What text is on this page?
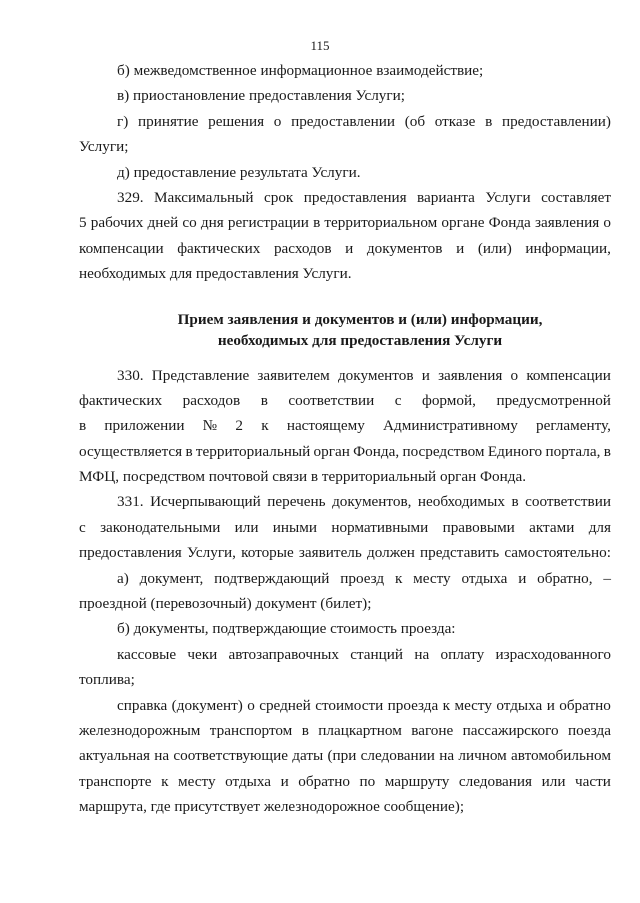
115
б) межведомственное информационное взаимодействие;
в) приостановление предоставления Услуги;
г) принятие решения о предоставлении (об отказе в предоставлении)
Услуги;
д) предоставление результата Услуги.
329. Максимальный срок предоставления варианта Услуги составляет
5 рабочих дней со дня регистрации в территориальном органе Фонда заявления о
компенсации фактических расходов и документов и (или) информации,
необходимых для предоставления Услуги.
Прием заявления и документов и (или) информации,
необходимых для предоставления Услуги
330. Представление заявителем документов и заявления о компенсации
фактических расходов в соответствии с формой, предусмотренной
в приложении № 2 к настоящему Административному регламенту,
осуществляется в территориальный орган Фонда, посредством Единого портала, в
МФЦ, посредством почтовой связи в территориальный орган Фонда.
331. Исчерпывающий перечень документов, необходимых в соответствии
с законодательными или иными нормативными правовыми актами для
предоставления Услуги, которые заявитель должен представить самостоятельно:
а) документ, подтверждающий проезд к месту отдыха и обратно, –
проездной (перевозочный) документ (билет);
б) документы, подтверждающие стоимость проезда:
кассовые чеки автозаправочных станций на оплату израсходованного
топлива;
справка (документ) о средней стоимости проезда к месту отдыха и обратно
железнодорожным транспортом в плацкартном вагоне пассажирского поезда
актуальная на соответствующие даты (при следовании на личном автомобильном
транспорте к месту отдыха и обратно по маршруту следования или части
маршрута, где присутствует железнодорожное сообщение);
